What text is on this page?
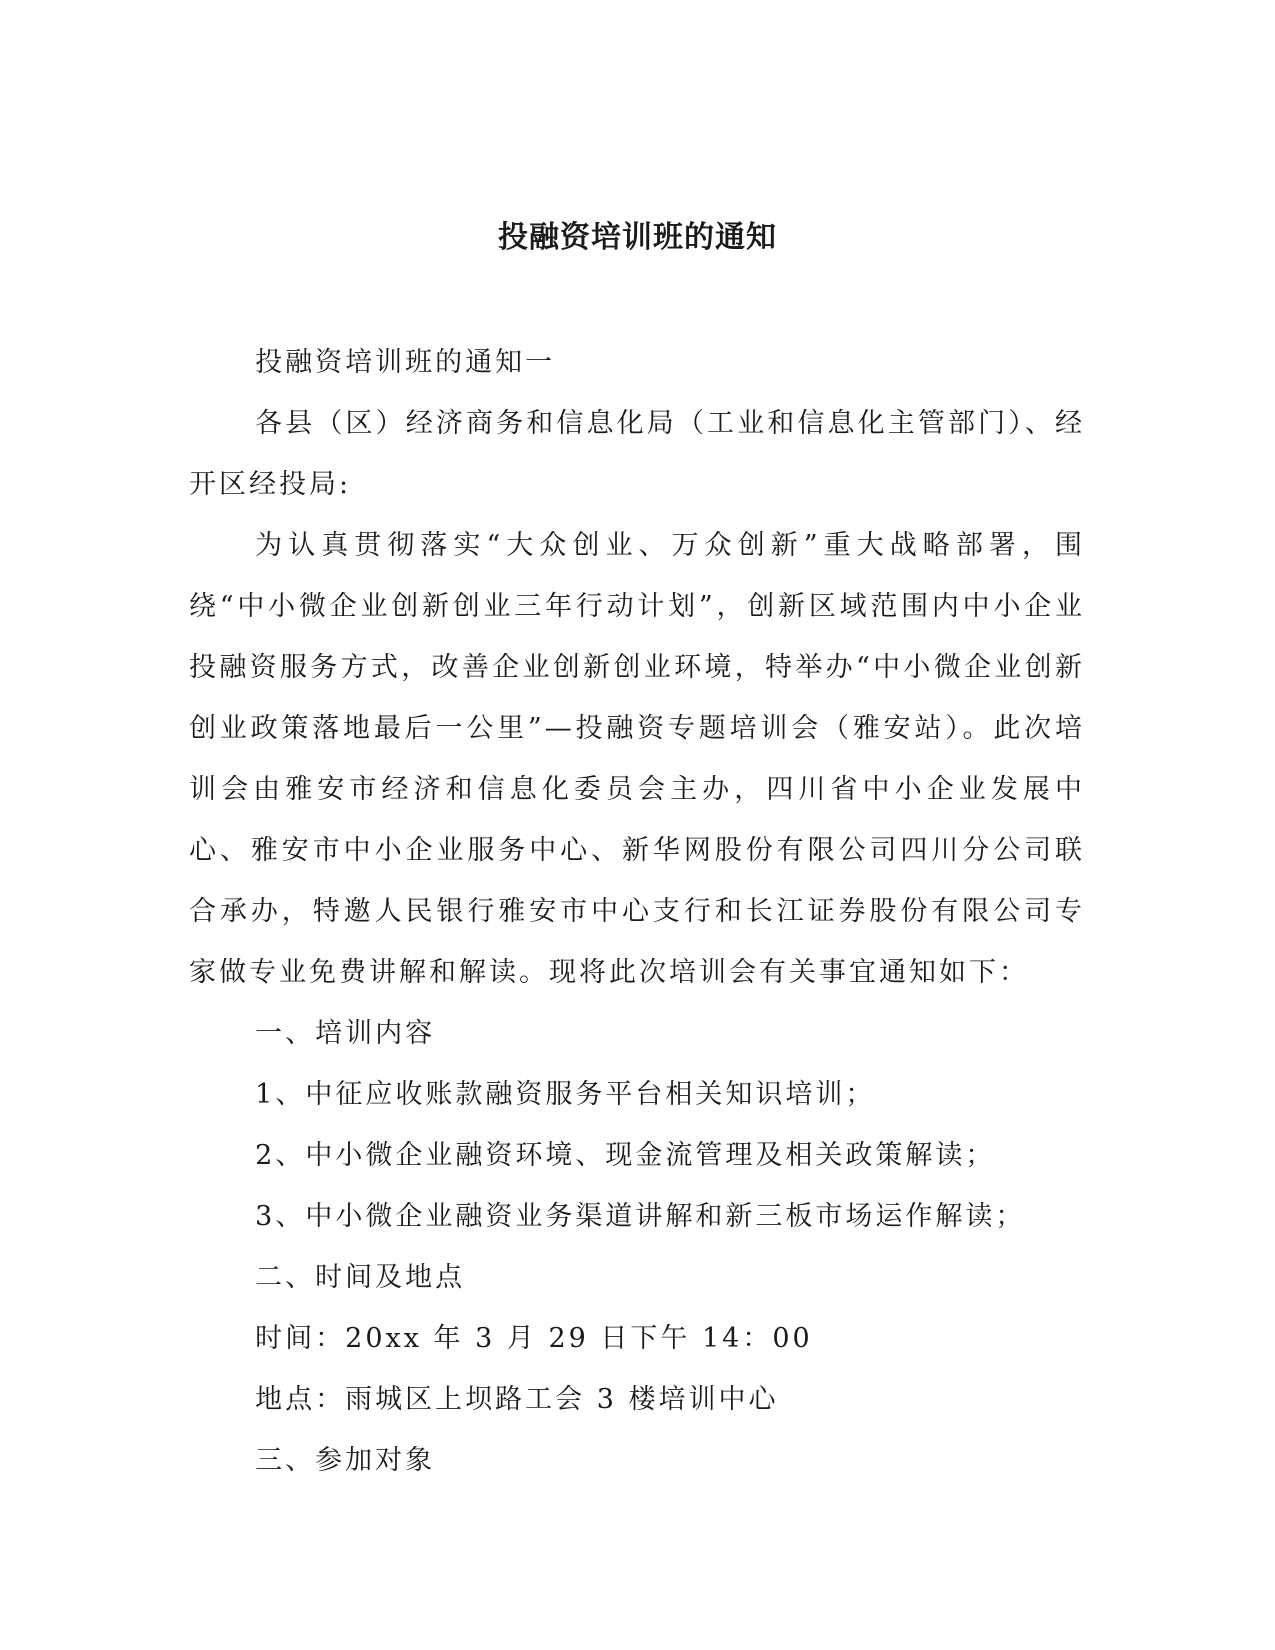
投融资培训班的通知

投融资培训班的通知一

各县（区）经济商务和信息化局（工业和信息化主管部门）、经开区经投局:

为认真贯彻落实“大众创业、万众创新”重大战略部署，围绕“中小微企业创新创业三年行动计划”，创新区域范围内中小企业投融资服务方式，改善企业创新创业环境，特举办“中小微企业创新创业政策落地最后一公里”—投融资专题培训会（雅安站）。此次培训会由雅安市经济和信息化委员会主办，四川省中小企业发展中心、雅安市中小企业服务中心、新华网股份有限公司四川分公司联合承办，特邀人民银行雅安市中心支行和长江证券股份有限公司专家做专业免费讲解和解读。现将此次培训会有关事宜通知如下：

一、培训内容

1、中征应收账款融资服务平台相关知识培训；

2、中小微企业融资环境、现金流管理及相关政策解读；

3、中小微企业融资业务渠道讲解和新三板市场运作解读；

二、时间及地点

时间：20xx 年 3 月 29 日下午 14：00

地点：雨城区上坝路工会 3 楼培训中心

三、参加对象
